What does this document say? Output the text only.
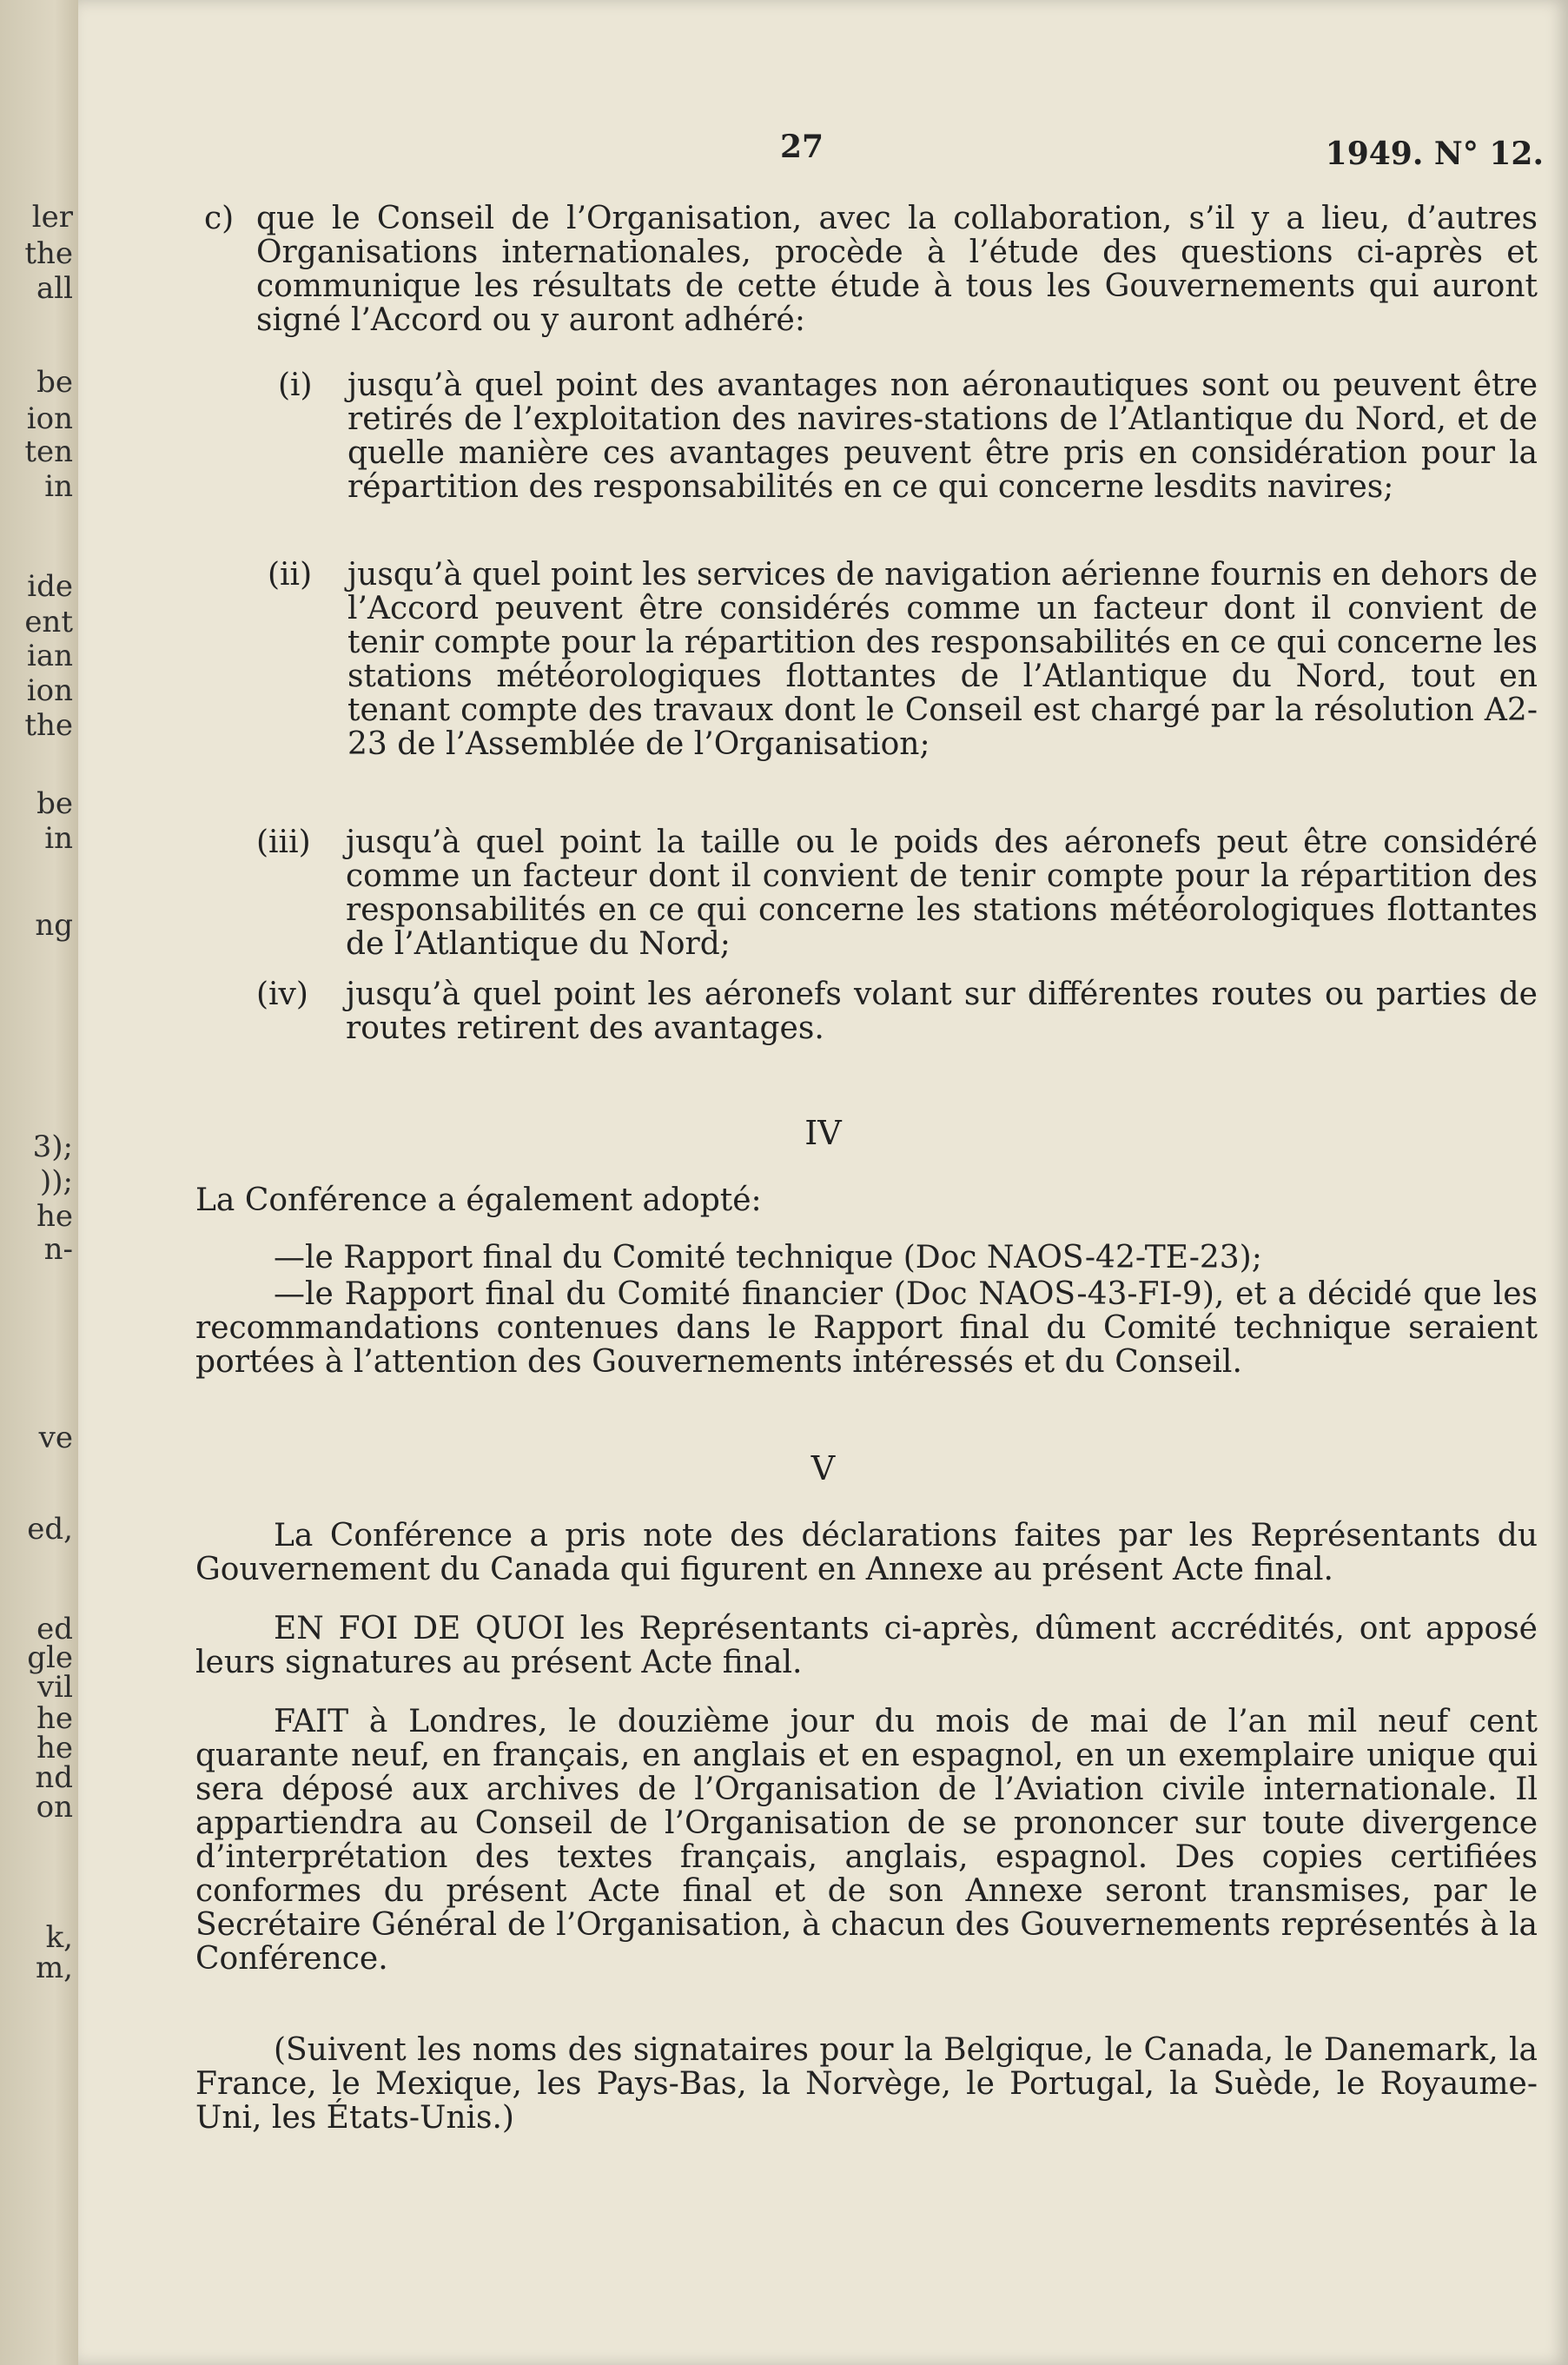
ler
the
all
be
ion
ten
in
ide
ent
ian
ion
the
be
in
ng
3);
));
he
n-
ve
ed,
ed
gle
vil
he
he
nd
on
k,
m,
27	1949. N° 12.
c) que le Conseil de l’Organisation, avec la collaboration, s’il y a lieu, d’autres Organisations internationales, procède à l’étude des questions ci-après et communique les résultats de cette étude à tous les Gouvernements qui auront signé l’Accord ou y auront adhéré:
(i) jusqu’à quel point des avantages non aéronautiques sont ou peuvent être retirés de l’exploitation des navires-stations de l’Atlantique du Nord, et de quelle manière ces avantages peuvent être pris en considération pour la répartition des responsabilités en ce qui concerne lesdits navires;
(ii) jusqu’à quel point les services de navigation aérienne fournis en dehors de l’Accord peuvent être considérés comme un facteur dont il convient de tenir compte pour la répartition des responsabilités en ce qui concerne les stations météorologiques flottantes de l’Atlantique du Nord, tout en tenant compte des travaux dont le Conseil est chargé par la résolution A2-23 de l’Assemblée de l’Organisation;
(iii) jusqu’à quel point la taille ou le poids des aéronefs peut être considéré comme un facteur dont il convient de tenir compte pour la répartition des responsabilités en ce qui concerne les stations météorologiques flottantes de l’Atlantique du Nord;
(iv) jusqu’à quel point les aéronefs volant sur différentes routes ou parties de routes retirent des avantages.
IV
La Conférence a également adopté:
—le Rapport final du Comité technique (Doc NAOS-42-TE-23);
—le Rapport final du Comité financier (Doc NAOS-43-FI-9), et a décidé que les recommandations contenues dans le Rapport final du Comité technique seraient portées à l’attention des Gouvernements intéressés et du Conseil.
V
La Conférence a pris note des déclarations faites par les Représentants du Gouvernement du Canada qui figurent en Annexe au présent Acte final.
EN FOI DE QUOI les Représentants ci-après, dûment accrédités, ont apposé leurs signatures au présent Acte final.
FAIT à Londres, le douzième jour du mois de mai de l’an mil neuf cent quarante neuf, en français, en anglais et en espagnol, en un exemplaire unique qui sera déposé aux archives de l’Organisation de l’Aviation civile internationale. Il appartiendra au Conseil de l’Organisation de se prononcer sur toute divergence d’interprétation des textes français, anglais, espagnol. Des copies certifiées conformes du présent Acte final et de son Annexe seront transmises, par le Secrétaire Général de l’Organisation, à chacun des Gouvernements représentés à la Conférence.
(Suivent les noms des signataires pour la Belgique, le Canada, le Danemark, la France, le Mexique, les Pays-Bas, la Norvège, le Portugal, la Suède, le Royaume-Uni, les États-Unis.)
